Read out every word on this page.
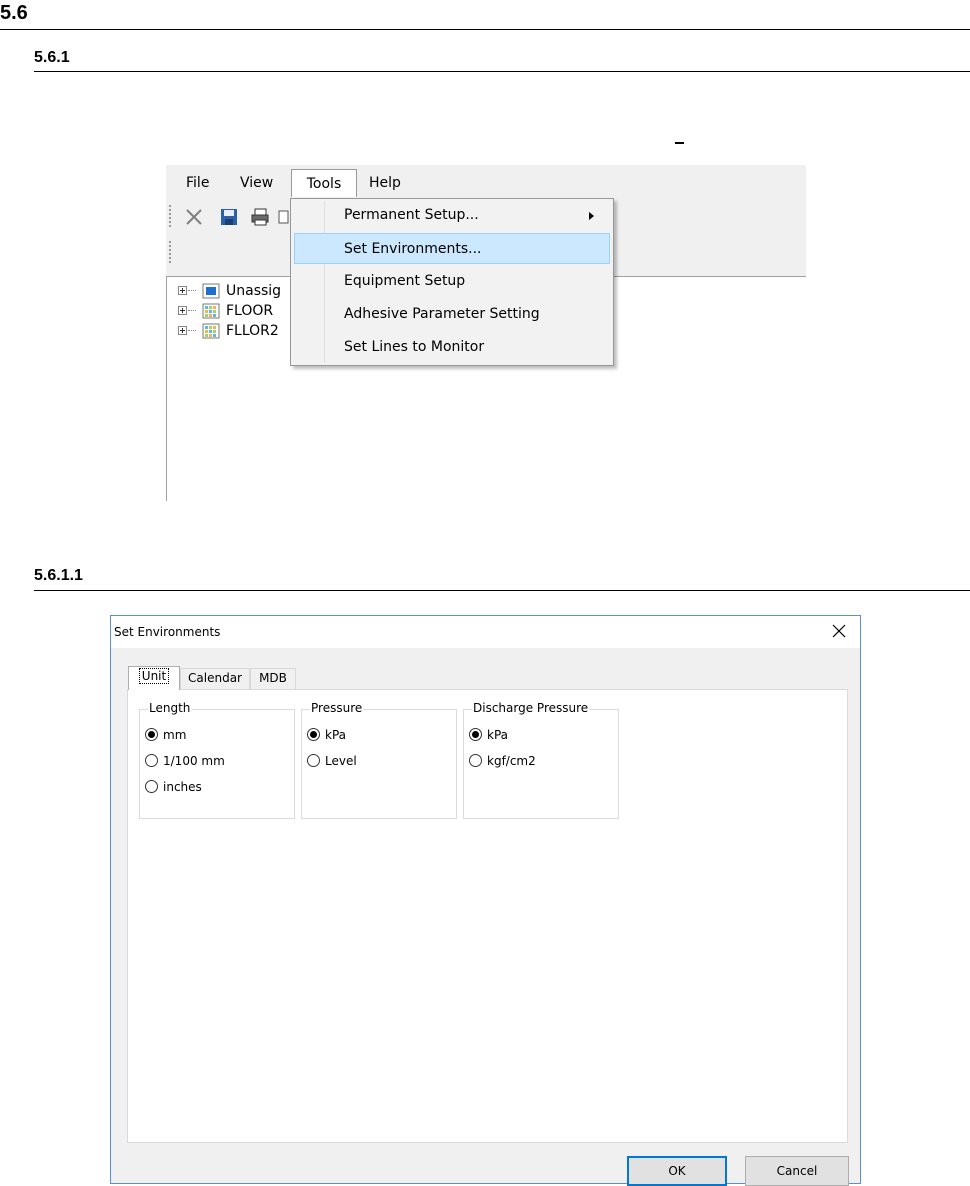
5.6
5.6.1
File	View	Tools	Help
Unassig
FLOOR
FLLOR2
Permanent Setup...
Set Environments...
Equipment Setup
Adhesive Parameter Setting
Set Lines to Monitor
5.6.1.1
Set Environments
Unit	Calendar	MDB
Length
mm
1/100 mm
inches
Pressure
kPa
Level
Discharge Pressure
kPa
kgf/cm2
OK	Cancel
